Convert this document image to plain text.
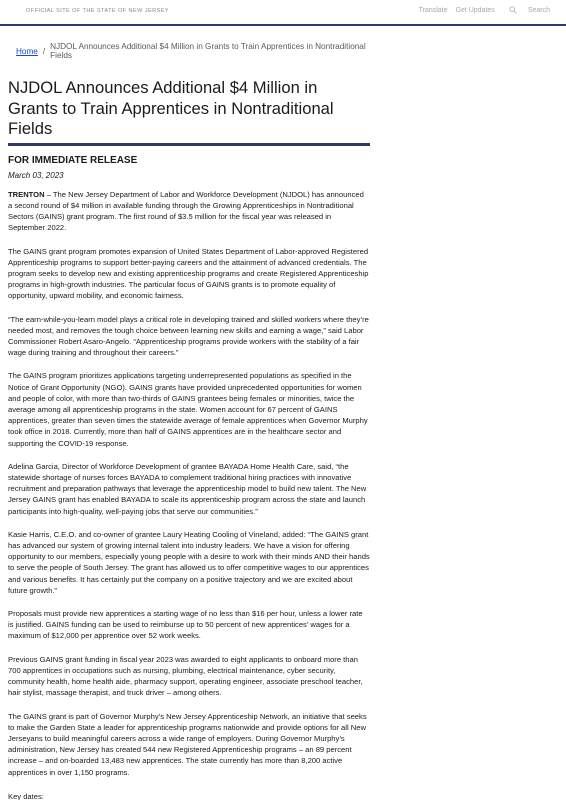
OFFICIAL SITE OF THE STATE OF NEW JERSEY	Translate Get Updates	Search
Home / NJDOL Announces Additional $4 Million in Grants to Train Apprentices in Nontraditional Fields
NJDOL Announces Additional $4 Million in Grants to Train Apprentices in Nontraditional Fields
FOR IMMEDIATE RELEASE
March 03, 2023

TRENTON – The New Jersey Department of Labor and Workforce Development (NJDOL) has announced a second round of $4 million in available funding through the Growing Apprenticeships in Nontraditional Sectors (GAINS) grant program. The first round of $3.5 million for the fiscal year was released in September 2022.

The GAINS grant program promotes expansion of United States Department of Labor-approved Registered Apprenticeship programs to support better-paying careers and the attainment of advanced credentials. The program seeks to develop new and existing apprenticeship programs and create Registered Apprenticeship programs in high-growth industries. The particular focus of GAINS grants is to promote equality of opportunity, upward mobility, and economic fairness.

“The earn-while-you-learn model plays a critical role in developing trained and skilled workers where they’re needed most, and removes the tough choice between learning new skills and earning a wage,” said Labor Commissioner Robert Asaro-Angelo. “Apprenticeship programs provide workers with the stability of a fair wage during training and throughout their careers.”

The GAINS program prioritizes applications targeting underrepresented populations as specified in the Notice of Grant Opportunity (NGO). GAINS grants have provided unprecedented opportunities for women and people of color, with more than two-thirds of GAINS grantees being females or minorities, twice the average among all apprenticeship programs in the state. Women account for 67 percent of GAINS apprentices, greater than seven times the statewide average of female apprentices when Governor Murphy took office in 2018. Currently, more than half of GAINS apprentices are in the healthcare sector and supporting the COVID-19 response.

Adelina Garcia, Director of Workforce Development of grantee BAYADA Home Health Care, said, “the statewide shortage of nurses forces BAYADA to complement traditional hiring practices with innovative recruitment and preparation pathways that leverage the apprenticeship model to build new talent. The New Jersey GAINS grant has enabled BAYADA to scale its apprenticeship program across the state and launch participants into high-quality, well-paying jobs that serve our communities.”

Kasie Harris, C.E.O. and co-owner of grantee Laury Heating Cooling of Vineland, added: “The GAINS grant has advanced our system of growing internal talent into industry leaders. We have a vision for offering opportunity to our members, especially young people with a desire to work with their minds AND their hands to serve the people of South Jersey. The grant has allowed us to offer competitive wages to our apprentices and various benefits. It has certainly put the company on a positive trajectory and we are excited about future growth.”

Proposals must provide new apprentices a starting wage of no less than $16 per hour, unless a lower rate is justified. GAINS funding can be used to reimburse up to 50 percent of new apprentices’ wages for a maximum of $12,000 per apprentice over 52 work weeks.

Previous GAINS grant funding in fiscal year 2023 was awarded to eight applicants to onboard more than 700 apprentices in occupations such as nursing, plumbing, electrical maintenance, cyber security, community health, home health aide, pharmacy support, operating engineer, associate preschool teacher, hair stylist, massage therapist, and truck driver – among others.

The GAINS grant is part of Governor Murphy’s New Jersey Apprenticeship Network, an initiative that seeks to make the Garden State a leader for apprenticeship programs nationwide and provide options for all New Jerseyans to build meaningful careers across a wide range of employers. During Governor Murphy’s administration, New Jersey has created 544 new Registered Apprenticeship programs – an 89 percent increase – and on-boarded 13,483 new apprentices. The state currently has more than 8,200 active apprentices in over 1,150 programs.

Key dates:
